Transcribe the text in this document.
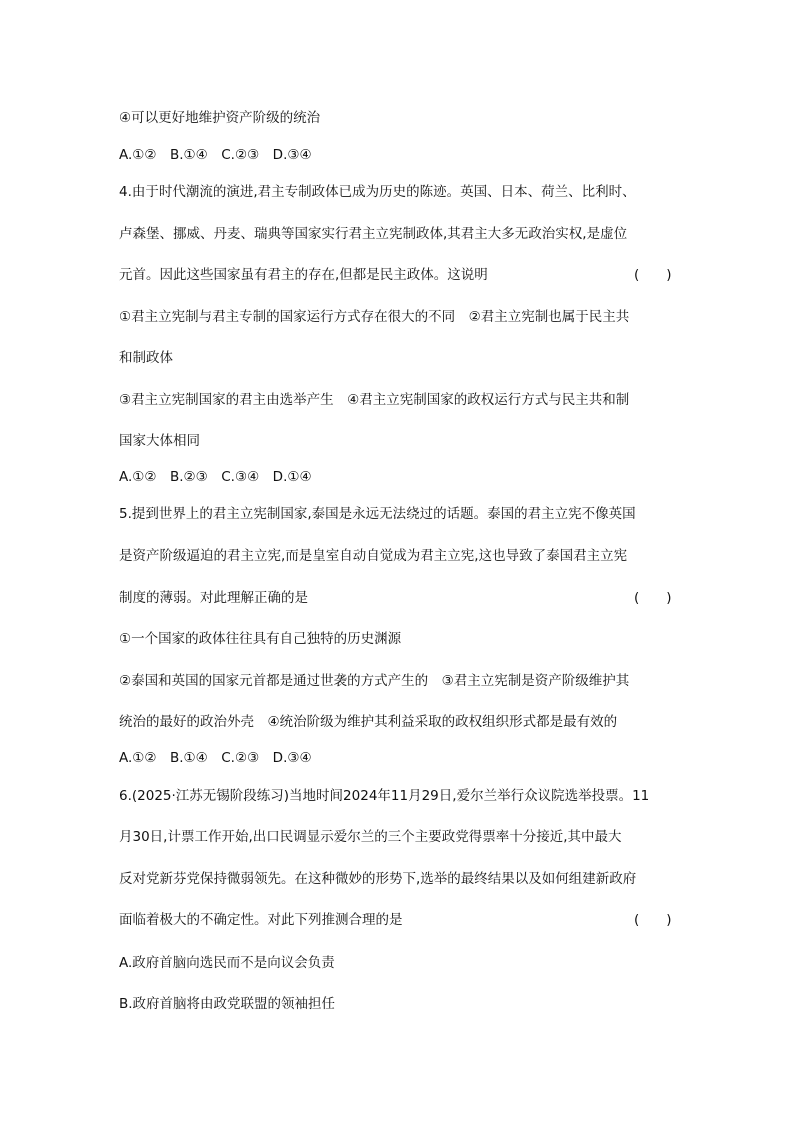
④可以更好地维护资产阶级的统治
A.①②　B.①④　C.②③　D.③④
4.由于时代潮流的演进,君主专制政体已成为历史的陈迹。英国、日本、荷兰、比利时、
卢森堡、挪威、丹麦、瑞典等国家实行君主立宪制政体,其君主大多无政治实权,是虚位
元首。因此这些国家虽有君主的存在,但都是民主政体。这说明	(　　)
①君主立宪制与君主专制的国家运行方式存在很大的不同　②君主立宪制也属于民主共
和制政体
③君主立宪制国家的君主由选举产生　④君主立宪制国家的政权运行方式与民主共和制
国家大体相同
A.①②　B.②③　C.③④　D.①④
5.提到世界上的君主立宪制国家,泰国是永远无法绕过的话题。泰国的君主立宪不像英国
是资产阶级逼迫的君主立宪,而是皇室自动自觉成为君主立宪,这也导致了泰国君主立宪
制度的薄弱。对此理解正确的是	(　　)
①一个国家的政体往往具有自己独特的历史渊源
②泰国和英国的国家元首都是通过世袭的方式产生的　③君主立宪制是资产阶级维护其
统治的最好的政治外壳　④统治阶级为维护其利益采取的政权组织形式都是最有效的
A.①②　B.①④　C.②③　D.③④
6.(2025·江苏无锡阶段练习)当地时间2024年11月29日,爱尔兰举行众议院选举投票。11
月30日,计票工作开始,出口民调显示爱尔兰的三个主要政党得票率十分接近,其中最大
反对党新芬党保持微弱领先。在这种微妙的形势下,选举的最终结果以及如何组建新政府
面临着极大的不确定性。对此下列推测合理的是	(　　)
A.政府首脑向选民而不是向议会负责
B.政府首脑将由政党联盟的领袖担任
